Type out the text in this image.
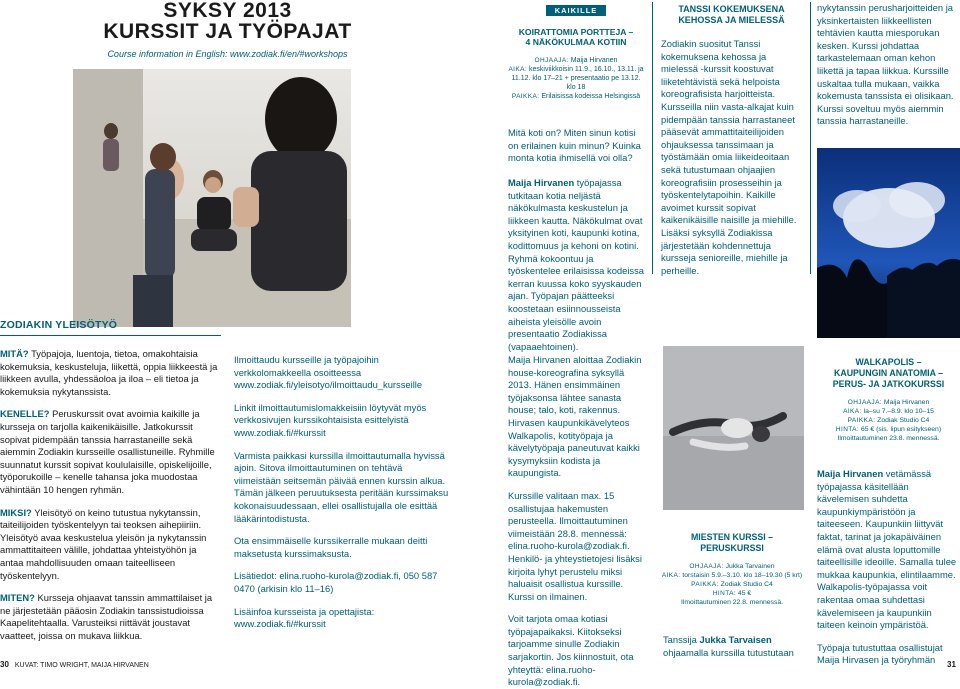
SYKSY 2013
KURSSIT JA TYÖPAJAT
Course information in English: www.zodiak.fi/en/#workshops
ZODIAKIN YLEISÖTYÖ

MITÄ? Työpajoja, luentoja, tietoa, omakohtaisia kokemuksia, keskusteluja, liikettä, oppia liikkeestä ja liikkeen avulla, yhdessäoloa ja iloa – eli tietoa ja kokemuksia nykytanssista.

KENELLE? Peruskurssit ovat avoimia kaikille ja kursseja on tarjolla kaikenikäisille. Jatkokurssit sopivat pidempään tanssia harrastaneille sekä aiemmin Zodiakin kursseille osallistuneille. Ryhmille suunnatut kurssit sopivat koululaisille, opiskelijoille, työporukoille – kenelle tahansa joka muodostaa vähintään 10 hengen ryhmän.

MIKSI? Yleisötyö on keino tutustua nykytanssin, taiteilijoiden työskentelyyn tai teoksen aihepiiriin. Yleisötyö avaa keskustelua yleisön ja nykytanssin ammattitaiteen välille, johdattaa yhteistyöhön ja antaa mahdollisuuden omaan taiteelliseen työskentelyyn.

MITEN? Kursseja ohjaavat tanssin ammattilaiset ja ne järjestetään pääosin Zodiakin tanssistudioissa Kaapelitehtaalla. Varusteiksi riittävät joustavat vaatteet, joissa on mukava liikkua.

Ilmoittaudu kursseille ja työpajoihin verkkolomakkeella osoitteessa www.zodiak.fi/yleisotyo/ilmoittaudu_kursseille

Linkit ilmoittautumislomakkeisiin löytyvät myös verkkosivujen kurssikohtaisista esittelyistä www.zodiak.fi/#kurssit

Varmista paikkasi kurssilla ilmoittautumalla hyvissä ajoin. Sitova ilmoittautuminen on tehtävä viimeistään seitsemän päivää ennen kurssin alkua. Tämän jälkeen peruutuksesta peritään kurssimaksu kokonaisuudessaan, ellei osallistujalla ole esittää lääkärintodistusta.

Ota ensimmäiselle kurssikerralle mukaan deitti maksetusta kurssimaksusta.

Lisätiedot: elina.ruoho-kurola@zodiak.fi, 050 587 0470 (arkisin klo 11–16)

Lisäinfoa kursseista ja opettajista: www.zodiak.fi/#kurssit

30 KUVAT: TIMO WRIGHT, MAIJA HIRVANEN
KAIKILLE
KOIRATTOMIA PORTTEJA –
4 NÄKÖKULMAA KOTIIN
OHJAAJA: Maija Hirvanen
AIKA: keskiviikkoisin 11.9., 16.10., 13.11. ja 11.12. klo 17–21 + presentaatio pe 13.12. klo 18
PAIKKA: Erilaisissa kodeissa Helsingissä
Mitä koti on? Miten sinun kotisi on erilainen kuin minun? Kuinka monta kotia ihmisellä voi olla?
Maija Hirvanen työpajassa tutkitaan kotia neljästä näkökulmasta keskustelun ja liikkeen kautta. Näkökulmat ovat yksityinen koti, kaupunki kotina, kodittomuus ja kehoni on kotini. Ryhmä kokoontuu ja työskentelee erilaisissa kodeissa kerran kuussa koko syyskauden ajan. Työpajan päätteeksi koostetaan esiinnousseista aiheista yleisölle avoin presentaatio Zodiakissa (vapaaehtoinen).
TANSSI KOKEMUKSENA
KEHOSSA JA MIELESSÄ
Zodiakin suositut Tanssi kokemuksena kehossa ja mielessä -kurssit koostuvat liiketehtävistä sekä helpoista koreografisista harjoitteista. Kursseilla niin vasta-alkajat kuin pidempään tanssia harrastaneet pääsevät ammattitaiteilijoiden ohjauksessa tanssimaan ja työstämään omia liikeideoitaan sekä tutustumaan ohjaajien koreografisiin prosesseihin ja työskentelytapoihin. Kaikille avoimet kurssit sopivat kaikenikäisille naisille ja miehille. Lisäksi syksyllä Zodiakissa järjestetään kohdennettuja kursseja senioreille, miehille ja perheille.
nykytanssin perusharjoitteiden ja yksinkertaisten liikkeellisten tehtävien kautta miesporukan kesken. Kurssi johdattaa tarkastelemaan oman kehon liikettä ja tapaa liikkua. Kurssille uskaltaa tulla mukaan, vaikka kokemusta tanssista ei olisikaan. Kurssi soveltuu myös aiemmin tanssia harrastaneille.

Maija Hirvanen aloittaa Zodiakin house-koreografina syksyllä 2013. Hänen ensimmäinen työjaksonsa lähtee sanasta house; talo, koti, rakennus. Hirvasen kaupunkikävelyteos Walkapolis, kotityöpaja ja kävelytyöpaja paneutuvat kaikki kysymyksiin kodista ja kaupungista.

Kurssille valitaan max. 15 osallistujaa hakemusten perusteella. Ilmoittautuminen viimeistään 28.8. mennessä: elina.ruoho-kurola@zodiak.fi. Henkilö- ja yhteystietojesi lisäksi kirjoita lyhyt perustelu miksi haluaisit osallistua kurssille. Kurssi on ilmainen.

Voit tarjota omaa kotiasi työpajapaikaksi. Kiitokseksi tarjoamme sinulle Zodiakin sarjakortin. Jos kiinnostuit, ota yhteyttä: elina.ruoho-kurola@zodiak.fi.

MIESTEN KURSSI –
PERUSKURSSI
OHJAAJA: Jukka Tarvainen
AIKA: torstaisin 5.9.–3.10. klo 18–19.30 (5 krt)
PAIKKA: Zodiak Studio C4
HINTA: 45 €
Ilmoittautuminen 22.8. mennessä.
Tanssija Jukka Tarvaisen ohjaamalla kurssilla tutustutaan
WALKAPOLIS –
KAUPUNGIN ANATOMIA –
PERUS- JA JATKOKURSSI
OHJAAJA: Maija Hirvanen
AIKA: la–su 7.–8.9. klo 10–15
PAIKKA: Zodiak Studio C4
HINTA: 65 € (sis. lipun esitykseen)
Ilmoittautuminen 23.8. mennessä.

Maija Hirvanen vetämässä työpajassa käsitellään kävelemisen suhdetta kaupunkiympäristöön ja taiteeseen. Kaupunkiin liittyvät faktat, tarinat ja jokapäiväinen elämä ovat alusta loputtomille taiteellisille ideoille. Samalla tulee mukkaa kaupunkia, elintilaamme. Walkapolis-työpajassa voit rakentaa omaa suhdettasi kävelemiseen ja kaupunkiin taiteen keinoin ympäristöä.

Työpaja tutustuttaa osallistujat Maija Hirvasen ja työryhmän	31
